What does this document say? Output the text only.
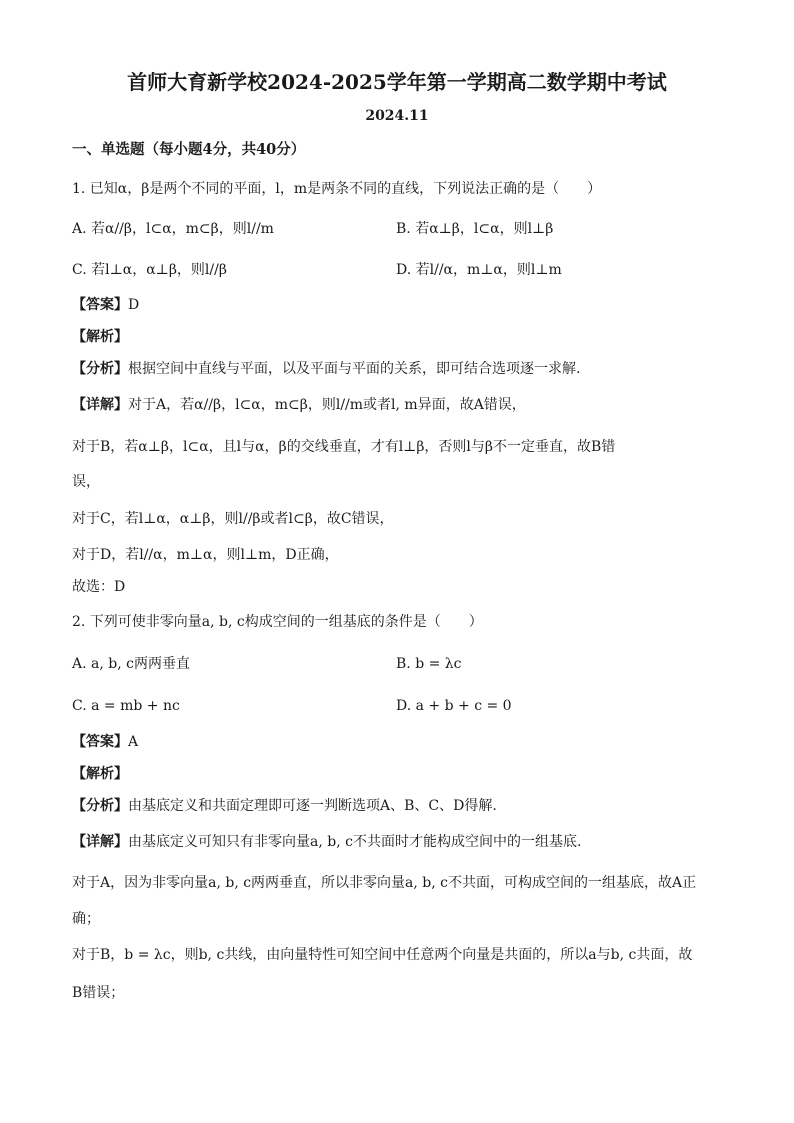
首师大育新学校2024-2025学年第一学期高二数学期中考试
2024.11
一、单选题（每小题4分，共40分）
1. 已知α，β是两个不同的平面，l，m是两条不同的直线，下列说法正确的是（　　）
A. 若α//β，l⊂α，m⊂β，则l//m	B. 若α⊥β，l⊂α，则l⊥β
C. 若l⊥α，α⊥β，则l//β	D. 若l//α，m⊥α，则l⊥m
【答案】D
【解析】
【分析】根据空间中直线与平面，以及平面与平面的关系，即可结合选项逐一求解.
【详解】对于A，若α//β，l⊂α，m⊂β，则l//m或者l, m异面，故A错误，
对于B，若α⊥β，l⊂α，且l与α，β的交线垂直，才有l⊥β，否则l与β不一定垂直，故B错
误，
对于C，若l⊥α，α⊥β，则l//β或者l⊂β，故C错误，
对于D，若l//α，m⊥α，则l⊥m，D正确，
故选：D
2. 下列可使非零向量a, b, c构成空间的一组基底的条件是（　　）
A. a, b, c两两垂直	B. b = λc
C. a = mb + nc	D. a + b + c = 0
【答案】A
【解析】
【分析】由基底定义和共面定理即可逐一判断选项A、B、C、D得解.
【详解】由基底定义可知只有非零向量a, b, c不共面时才能构成空间中的一组基底.
对于A，因为非零向量a, b, c两两垂直，所以非零向量a, b, c不共面，可构成空间的一组基底，故A正
确；
对于B，b = λc，则b, c共线，由向量特性可知空间中任意两个向量是共面的，所以a与b, c共面，故
B错误；
